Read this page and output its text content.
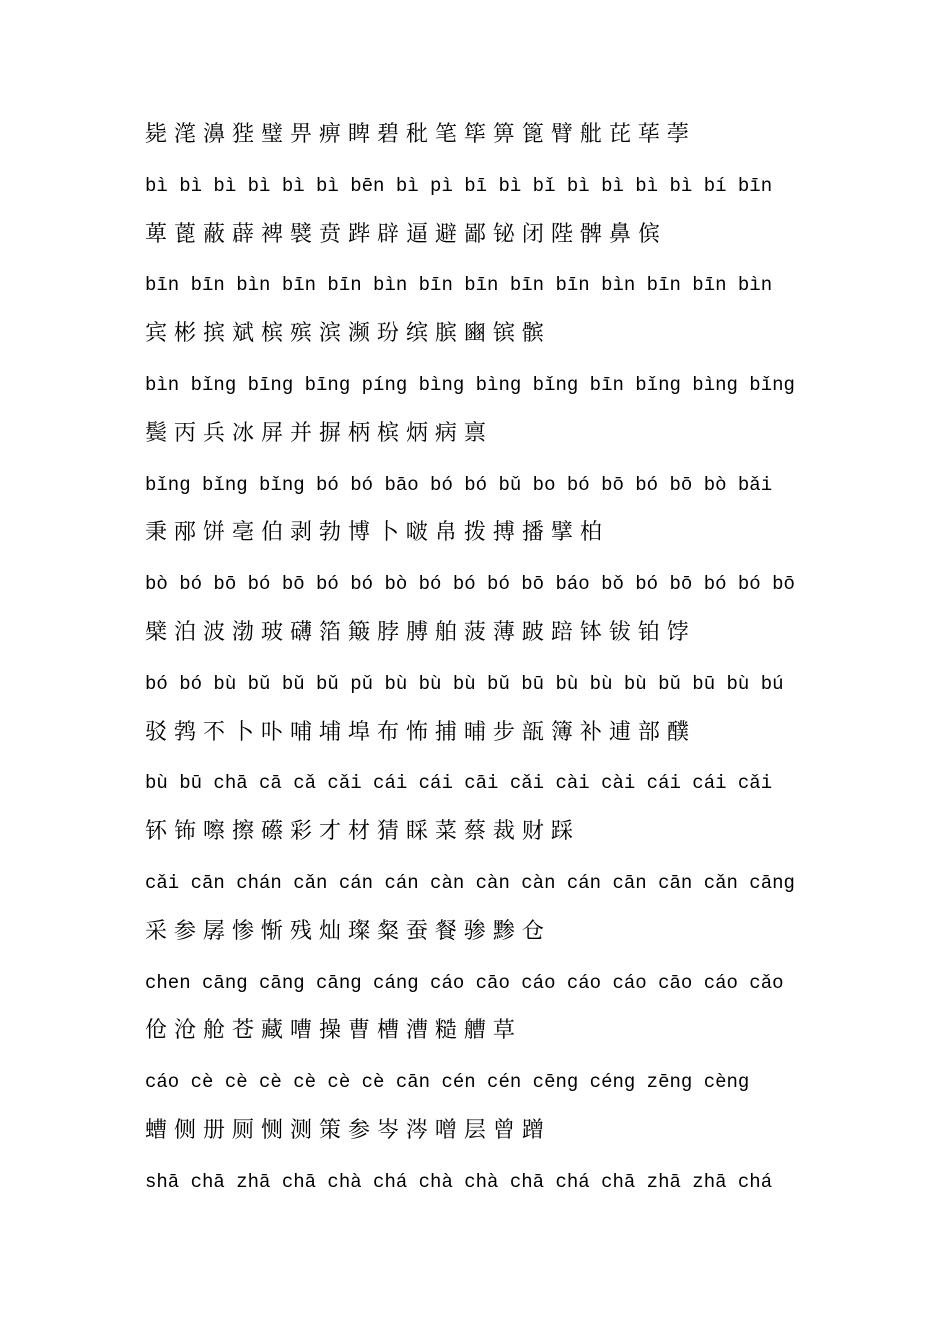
毙 滗 濞 狴 璧 畀 痹 睥 碧 秕 笔 筚 箅 篦 臂 舭 芘 荜 荸
bì bì bì bì bì bì bēn bì pì bī bì bǐ bì bì bì bì bí bīn
萆 蓖 蔽 薜 裨 襞 贲 跸 辟 逼 避 鄙 铋 闭 陛 髀 鼻 傧
bīn bīn bìn bīn bīn bìn bīn bīn bīn bīn bìn bīn bīn bìn
宾 彬 摈 斌 槟 殡 滨 濒 玢 缤 膑 豳 镔 髌
bìn bǐng bīng bīng píng bìng bìng bǐng bīn bǐng bìng bǐng
鬓 丙 兵 冰 屏 并 摒 柄 槟 炳 病 禀
bǐng bǐng bǐng bó bó bāo bó bó bǔ bo bó bō bó bō bò bǎi
秉 邴 饼 亳 伯 剥 勃 博 卜 啵 帛 拨 搏 播 擘 柏
bò bó bō bó bō bó bó bò bó bó bó bō báo bǒ bó bō bó bó bō
檗 泊 波 渤 玻 礴 箔 簸 脖 膊 舶 菠 薄 跛 踣 钵 钹 铂 饽
bó bó bù bǔ bǔ bǔ pǔ bù bù bù bǔ bū bù bù bù bǔ bū bù bú
驳 鹁 不 卜 卟 哺 埔 埠 布 怖 捕 晡 步 瓿 簿 补 逋 部 醭
bù bū chā cā cǎ cǎi cái cái cāi cǎi cài cài cái cái cǎi
钚 钸 嚓 擦 礤 彩 才 材 猜 睬 菜 蔡 裁 财 踩
cǎi cān chán cǎn cán cán càn càn càn cán cān cān cǎn cāng
采 参 孱 惨 惭 残 灿 璨 粲 蚕 餐 骖 黪 仓
chen cāng cāng cāng cáng cáo cāo cáo cáo cáo cāo cáo cǎo
伧 沧 舱 苍 藏 嘈 操 曹 槽 漕 糙 艚 草
cáo cè cè cè cè cè cè cān cén cén cēng céng zēng cèng
螬 侧 册 厕 恻 测 策 参 岑 涔 噌 层 曾 蹭
shā chā zhā chā chà chá chà chà chā chá chā zhā zhā chá
